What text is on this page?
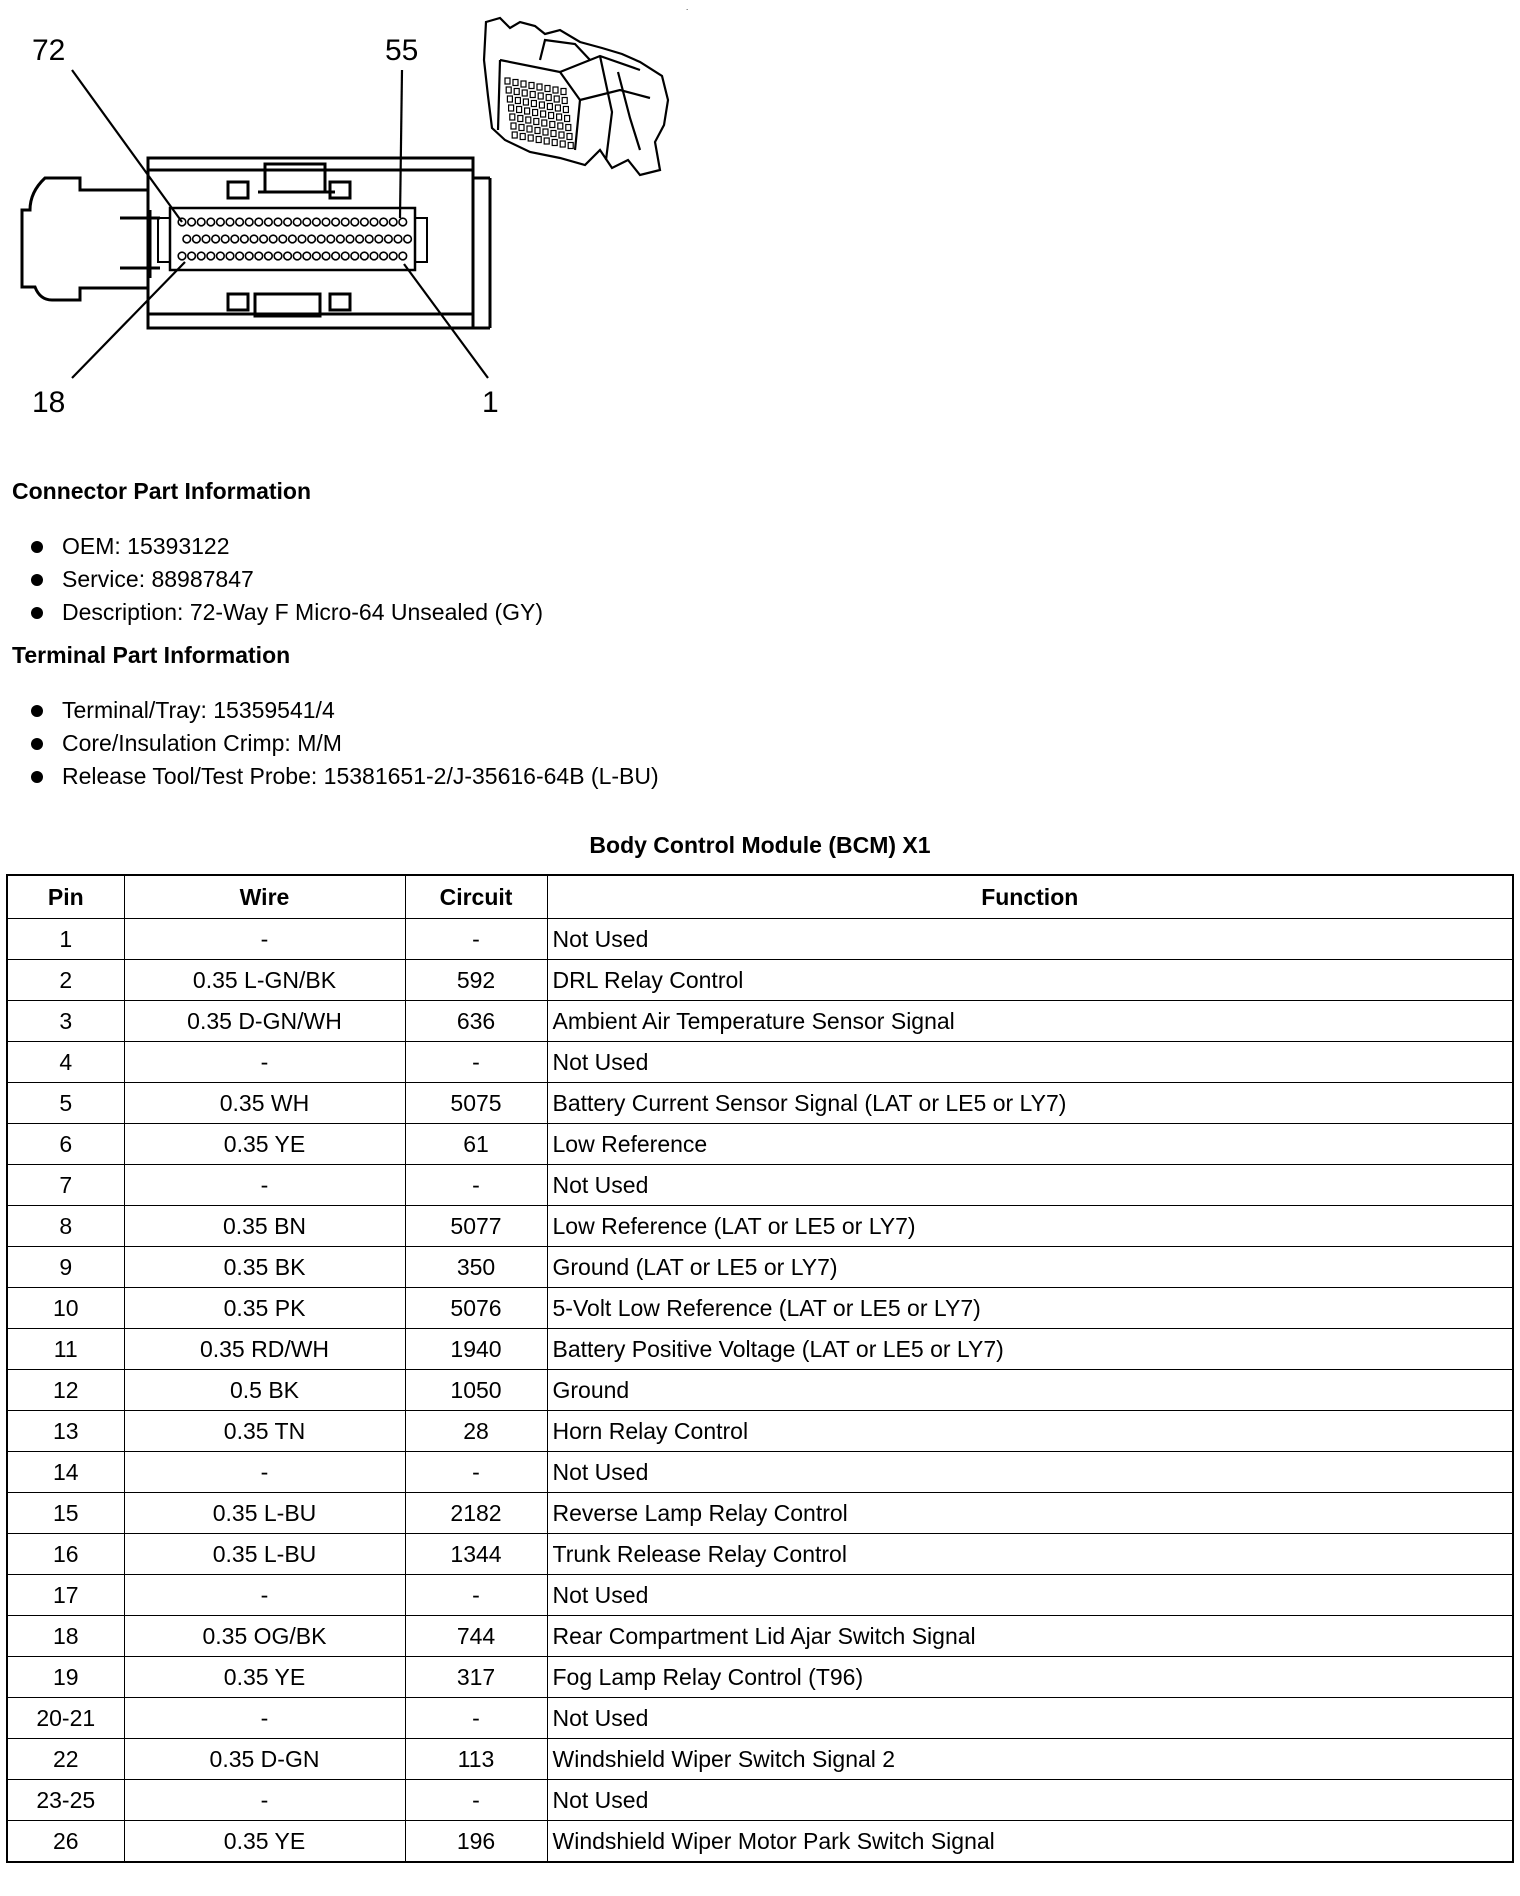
72	55
18	1
.
Connector Part Information
OEM: 15393122
Service: 88987847
Description: 72-Way F Micro-64 Unsealed (GY)
Terminal Part Information
Terminal/Tray: 15359541/4
Core/Insulation Crimp: M/M
Release Tool/Test Probe: 15381651-2/J-35616-64B (L-BU)
Body Control Module (BCM) X1
Pin	Wire	Circuit	Function
1	-	-	Not Used
2	0.35 L-GN/BK	592	DRL Relay Control
3	0.35 D-GN/WH	636	Ambient Air Temperature Sensor Signal
4	-	-	Not Used
5	0.35 WH	5075	Battery Current Sensor Signal (LAT or LE5 or LY7)
6	0.35 YE	61	Low Reference
7	-	-	Not Used
8	0.35 BN	5077	Low Reference (LAT or LE5 or LY7)
9	0.35 BK	350	Ground (LAT or LE5 or LY7)
10	0.35 PK	5076	5-Volt Low Reference (LAT or LE5 or LY7)
11	0.35 RD/WH	1940	Battery Positive Voltage (LAT or LE5 or LY7)
12	0.5 BK	1050	Ground
13	0.35 TN	28	Horn Relay Control
14	-	-	Not Used
15	0.35 L-BU	2182	Reverse Lamp Relay Control
16	0.35 L-BU	1344	Trunk Release Relay Control
17	-	-	Not Used
18	0.35 OG/BK	744	Rear Compartment Lid Ajar Switch Signal
19	0.35 YE	317	Fog Lamp Relay Control (T96)
20-21	-	-	Not Used
22	0.35 D-GN	113	Windshield Wiper Switch Signal 2
23-25	-	-	Not Used
26	0.35 YE	196	Windshield Wiper Motor Park Switch Signal
